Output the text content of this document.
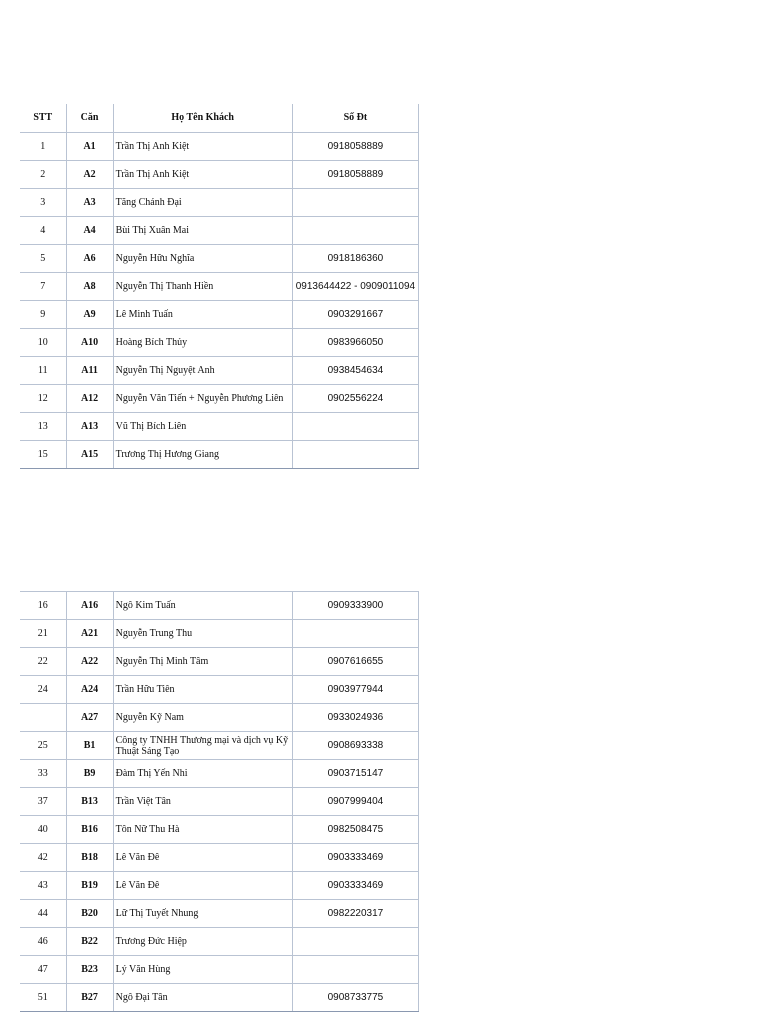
STT	Căn	Họ Tên Khách	Số Đt
1	A1	Trần Thị Anh Kiệt	0918058889
2	A2	Trần Thị Anh Kiệt	0918058889
3	A3	Tăng Chánh Đại	
4	A4	Bùi Thị Xuân Mai	
5	A6	Nguyễn Hữu Nghĩa	0918186360
7	A8	Nguyễn Thị Thanh Hiền	0913644422 - 0909011094
9	A9	Lê Minh Tuấn	0903291667
10	A10	Hoàng Bích Thủy	0983966050
11	A11	Nguyễn Thị Nguyệt Anh	0938454634
12	A12	Nguyễn Văn Tiến + Nguyễn Phương Liên	0902556224
13	A13	Vũ Thị Bích Liên	
15	A15	Trương Thị Hương Giang	
16	A16	Ngô Kim Tuấn	0909333900
21	A21	Nguyễn Trung Thu	
22	A22	Nguyễn Thị Minh Tâm	0907616655
24	A24	Trần Hữu Tiên	0903977944
	A27	Nguyễn Kỹ Nam	0933024936
25	B1	Công ty TNHH Thương mại và dịch vụ Kỹ Thuật Sáng Tạo	0908693338
33	B9	Đàm Thị Yến Nhi	0903715147
37	B13	Trần Việt Tân	0907999404
40	B16	Tôn Nữ Thu Hà	0982508475
42	B18	Lê Văn Đê	0903333469
43	B19	Lê Văn Đê	0903333469
44	B20	Lữ Thị Tuyết Nhung	0982220317
46	B22	Trương Đức Hiệp	
47	B23	Lý Văn Hùng	
51	B27	Ngô Đại Tân	0908733775
